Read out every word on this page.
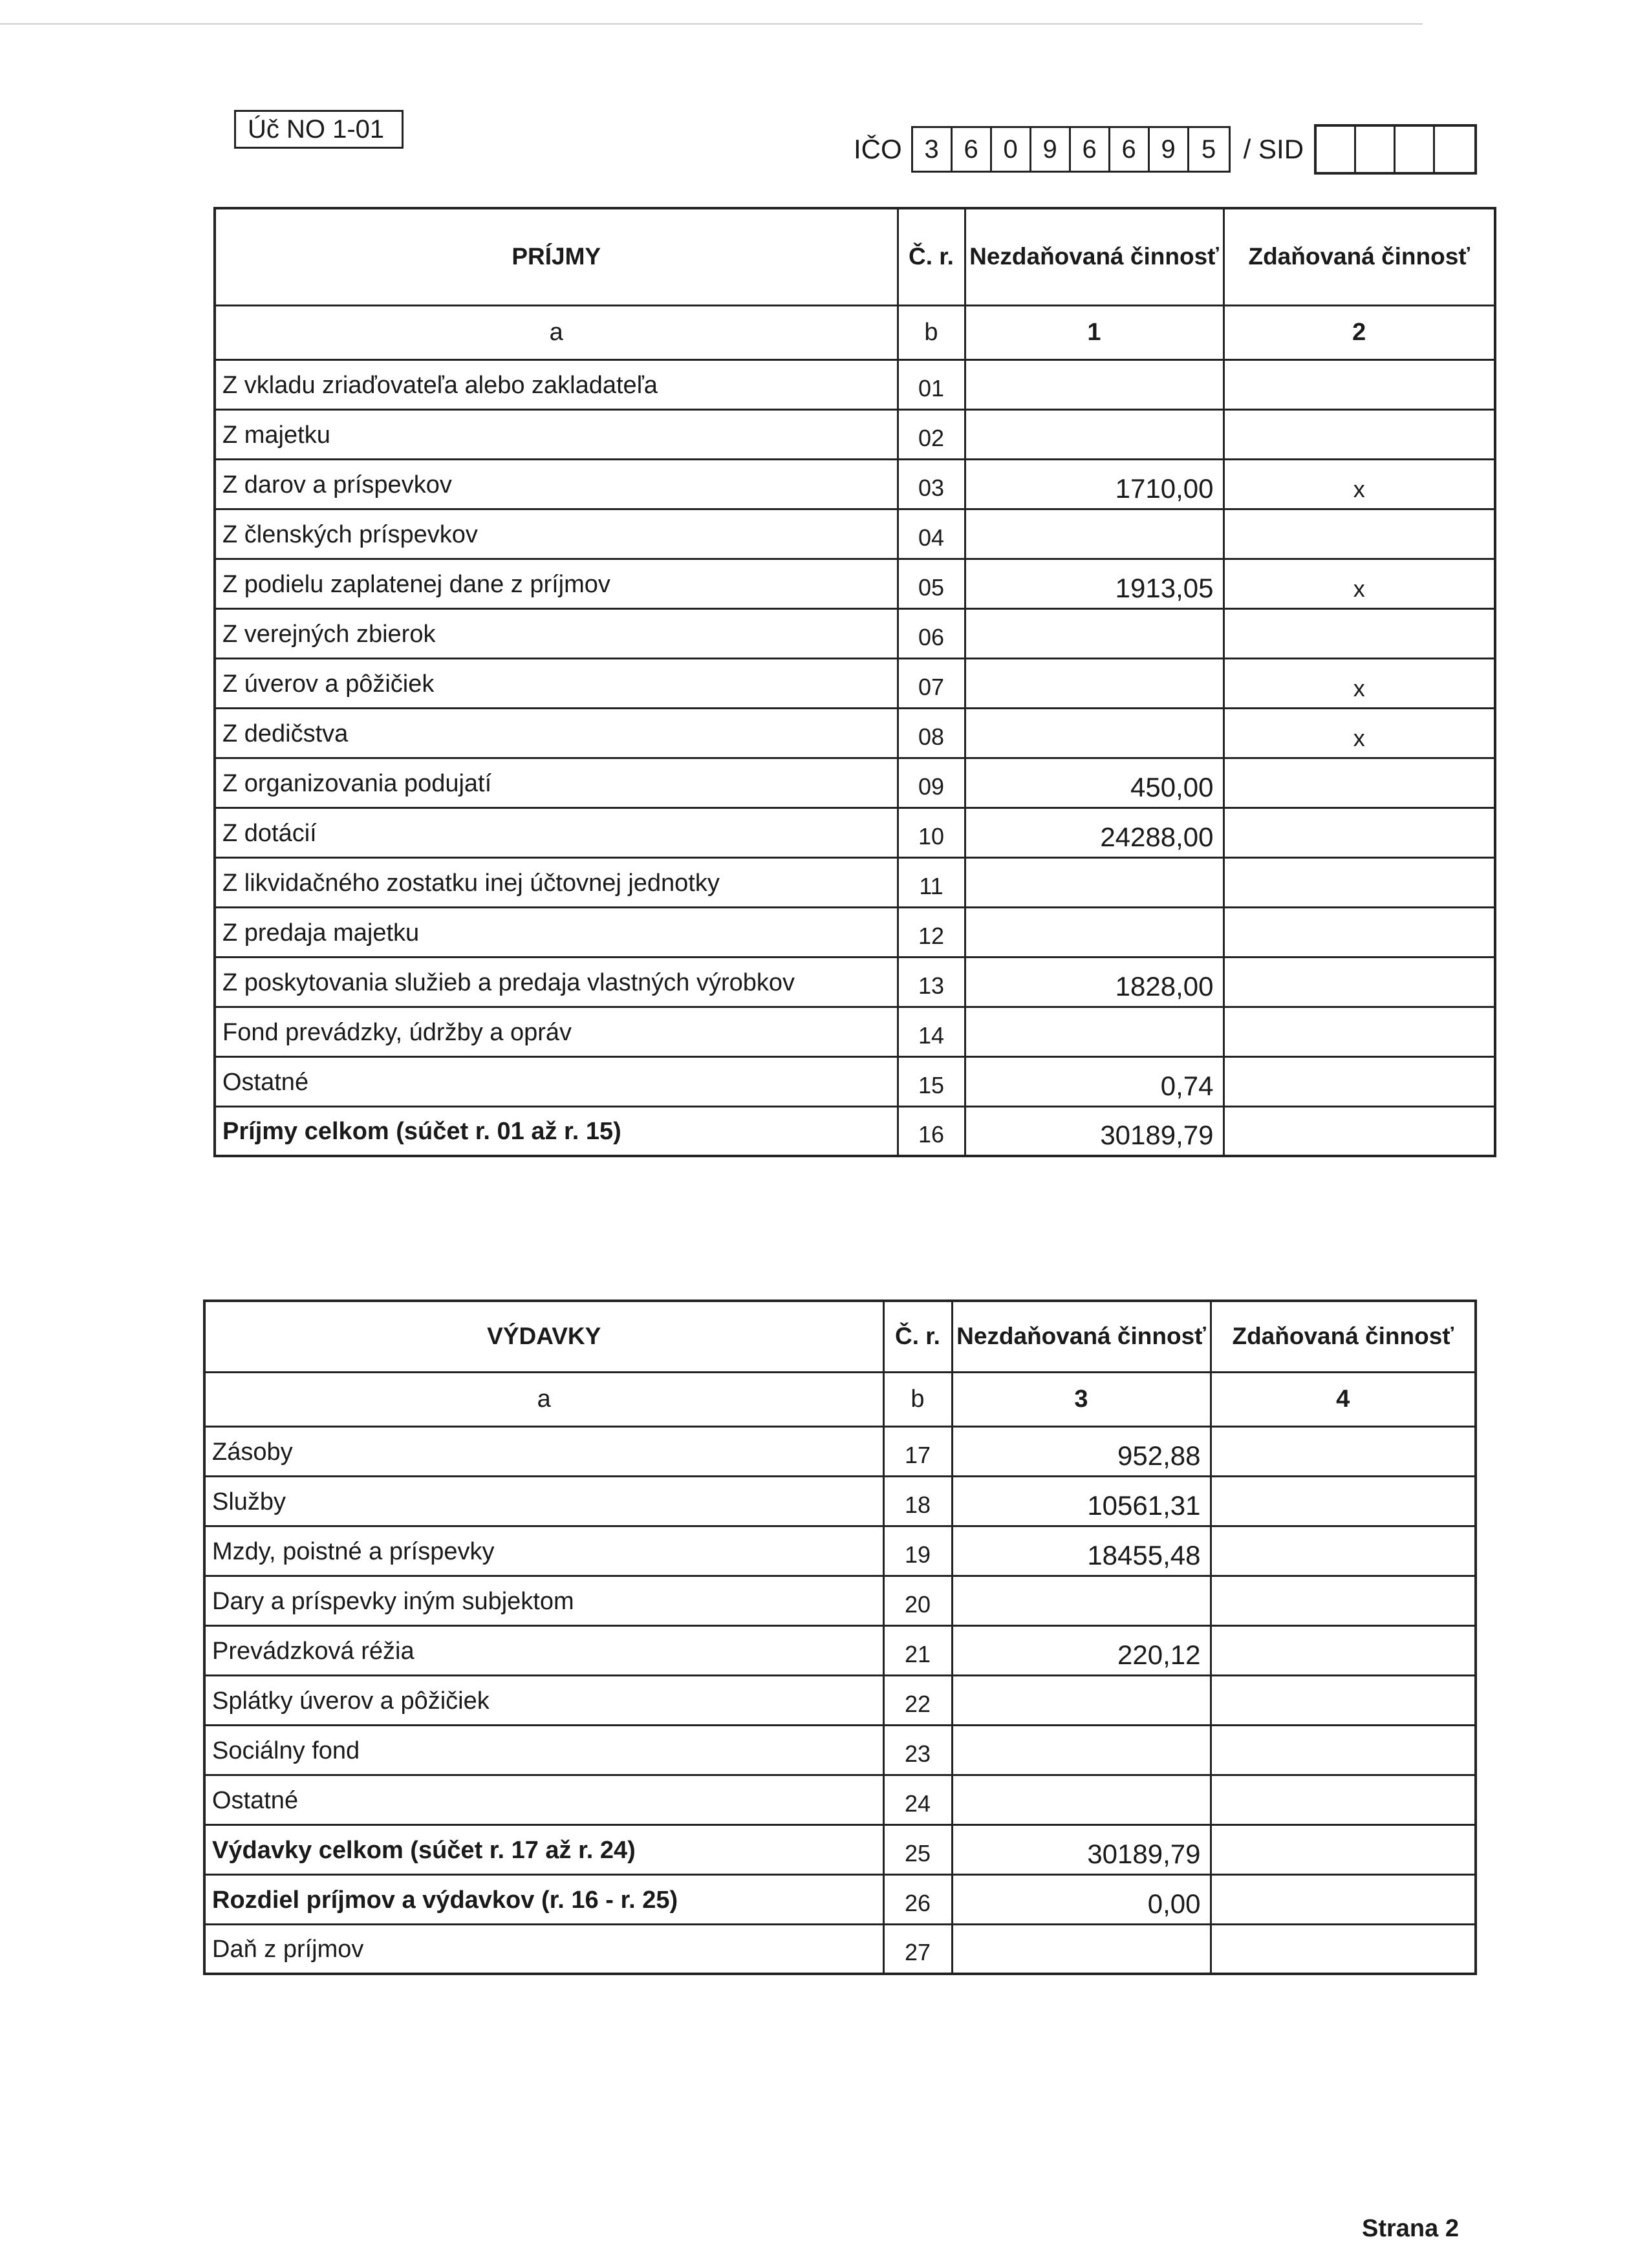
Úč NO 1-01
IČO 3 6 0 9 6 6 9	5	/ SID
PRÍJMY	Č. r.	Nezdaňovaná činnosť	Zdaňovaná činnosť
a	b	1	2
Z vkladu zriaďovateľa alebo zakladateľa	01		
Z majetku	02		
Z darov a príspevkov	03	1710,00	x
Z členských príspevkov	04		
Z podielu zaplatenej dane z príjmov	05	1913,05	x
Z verejných zbierok	06		
Z úverov a pôžičiek	07		x
Z dedičstva	08		x
Z organizovania podujatí	09	450,00	
Z dotácií	10	24288,00	
Z likvidačného zostatku inej účtovnej jednotky	11		
Z predaja majetku	12		
Z poskytovania služieb a predaja vlastných výrobkov	13	1828,00	
Fond prevádzky, údržby a opráv	14		
Ostatné	15	0,74	
Príjmy celkom (súčet r. 01 až r. 15)	16	30189,79	
VÝDAVKY	Č. r.	Nezdaňovaná činnosť	Zdaňovaná činnosť
a	b	3	4
Zásoby	17	952,88	
Služby	18	10561,31	
Mzdy, poistné a príspevky	19	18455,48	
Dary a príspevky iným subjektom	20		
Prevádzková réžia	21	220,12	
Splátky úverov a pôžičiek	22		
Sociálny fond	23		
Ostatné	24		
Výdavky celkom (súčet r. 17 až r. 24)	25	30189,79	
Rozdiel príjmov a výdavkov (r. 16 - r. 25)	26	0,00	
Daň z príjmov	27		
Strana 2
